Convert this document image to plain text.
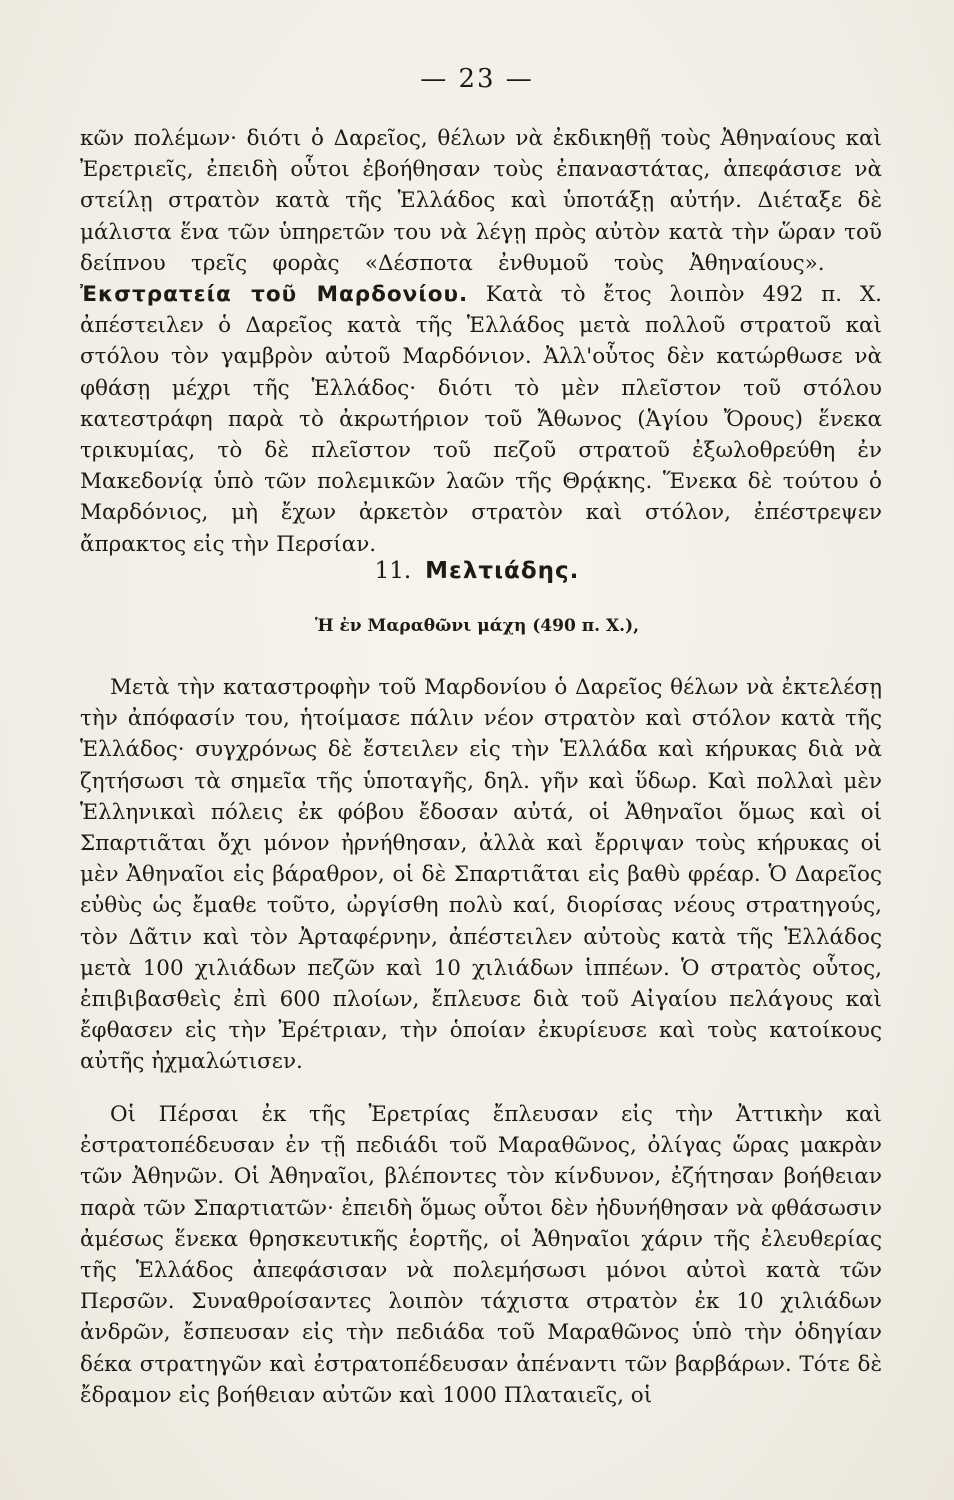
— 23 —

κῶν πολέμων· διότι ὁ Δαρεῖος, θέλων νὰ ἐκδικηθῇ τοὺς Ἀθηναίους καὶ Ἐρετριεῖς, ἐπειδὴ οὗτοι ἐβοήθησαν τοὺς ἐπαναστάτας, ἀπεφάσισε νὰ στείλῃ στρατὸν κατὰ τῆς Ἑλλάδος καὶ ὑποτάξῃ αὐτήν. Διέταξε δὲ μάλιστα ἕνα τῶν ὑπηρετῶν του νὰ λέγῃ πρὸς αὐτὸν κατὰ τὴν ὥραν τοῦ δείπνου τρεῖς φορὰς «Δέσποτα ἐνθυμοῦ τοὺς Ἀθηναίους».    Ἐκστρατεία τοῦ Μαρδονίου. Κατὰ τὸ ἔτος λοιπὸν 492 π. Χ. ἀπέστειλεν ὁ Δαρεῖος κατὰ τῆς Ἑλλάδος μετὰ πολλοῦ στρατοῦ καὶ στόλου τὸν γαμβρὸν αὐτοῦ Μαρδόνιον. Ἀλλ'οὗτος δὲν κατώρθωσε νὰ φθάσῃ μέχρι τῆς Ἑλλάδος· διότι τὸ μὲν πλεῖστον τοῦ στόλου κατεστράφη παρὰ τὸ ἀκρωτήριον τοῦ Ἄθωνος (Ἁγίου Ὄρους) ἕνεκα τρικυμίας, τὸ δὲ πλεῖστον τοῦ πεζοῦ στρατοῦ ἐξωλοθρεύθη ἐν Μακεδονίᾳ ὑπὸ τῶν πολεμικῶν λαῶν τῆς Θρᾴκης. Ἕνεκα δὲ τούτου ὁ Μαρδόνιος, μὴ ἔχων ἀρκετὸν στρατὸν καὶ στόλον, ἐπέστρεψεν ἄπρακτος εἰς τὴν Περσίαν.

11. Μελτιάδης.
Ἡ ἐν Μαραθῶνι μάχη (490 π. Χ.),

Μετὰ τὴν καταστροφὴν τοῦ Μαρδονίου ὁ Δαρεῖος θέλων νὰ ἐκτελέσῃ τὴν ἀπόφασίν του, ἡτοίμασε πάλιν νέον στρατὸν καὶ στόλον κατὰ τῆς Ἑλλάδος· συγχρόνως δὲ ἔστειλεν εἰς τὴν Ἑλλάδα καὶ κήρυκας διὰ νὰ ζητήσωσι τὰ σημεῖα τῆς ὑποταγῆς, δηλ. γῆν καὶ ὕδωρ. Καὶ πολλαὶ μὲν Ἑλληνικαὶ πόλεις ἐκ φόβου ἔδοσαν αὐτά, οἱ Ἀθηναῖοι ὅμως καὶ οἱ Σπαρτιᾶται ὄχι μόνον ἠρνήθησαν, ἀλλὰ καὶ ἔρριψαν τοὺς κήρυκας οἱ μὲν Ἀθηναῖοι εἰς βάραθρον, οἱ δὲ Σπαρτιᾶται εἰς βαθὺ φρέαρ. Ὁ Δαρεῖος εὐθὺς ὡς ἔμαθε τοῦτο, ὠργίσθη πολὺ καί, διορίσας νέους στρατηγούς, τὸν Δᾶτιν καὶ τὸν Ἀρταφέρνην, ἀπέστειλεν αὐτοὺς κατὰ τῆς Ἑλλάδος μετὰ 100 χιλιάδων πεζῶν καὶ 10 χιλιάδων ἱππέων. Ὁ στρατὸς οὗτος, ἐπιβιβασθεὶς ἐπὶ 600 πλοίων, ἔπλευσε διὰ τοῦ Αἰγαίου πελάγους καὶ ἔφθασεν εἰς τὴν Ἐρέτριαν, τὴν ὁποίαν ἐκυρίευσε καὶ τοὺς κατοίκους αὐτῆς ἠχμαλώτισεν.

Οἱ Πέρσαι ἐκ τῆς Ἐρετρίας ἔπλευσαν εἰς τὴν Ἀττικὴν καὶ ἐστρατοπέδευσαν ἐν τῇ πεδιάδι τοῦ Μαραθῶνος, ὀλίγας ὥρας μακρὰν τῶν Ἀθηνῶν. Οἱ Ἀθηναῖοι, βλέποντες τὸν κίνδυνον, ἐζήτησαν βοήθειαν παρὰ τῶν Σπαρτιατῶν· ἐπειδὴ ὅμως οὗτοι δὲν ἠδυνήθησαν νὰ φθάσωσιν ἀμέσως ἕνεκα θρησκευτικῆς ἑορτῆς, οἱ Ἀθηναῖοι χάριν τῆς ἐλευθερίας τῆς Ἑλλάδος ἀπεφάσισαν νὰ πολεμήσωσι μόνοι αὐτοὶ κατὰ τῶν Περσῶν. Συναθροίσαντες λοιπὸν τάχιστα στρατὸν ἐκ 10 χιλιάδων ἀνδρῶν, ἔσπευσαν εἰς τὴν πεδιάδα τοῦ Μαραθῶνος ὑπὸ τὴν ὁδηγίαν δέκα στρατηγῶν καὶ ἐστρατοπέδευσαν ἀπέναντι τῶν βαρβάρων. Τότε δὲ ἔδραμον εἰς βοήθειαν αὐτῶν καὶ 1000 Πλαταιεῖς, οἱ
